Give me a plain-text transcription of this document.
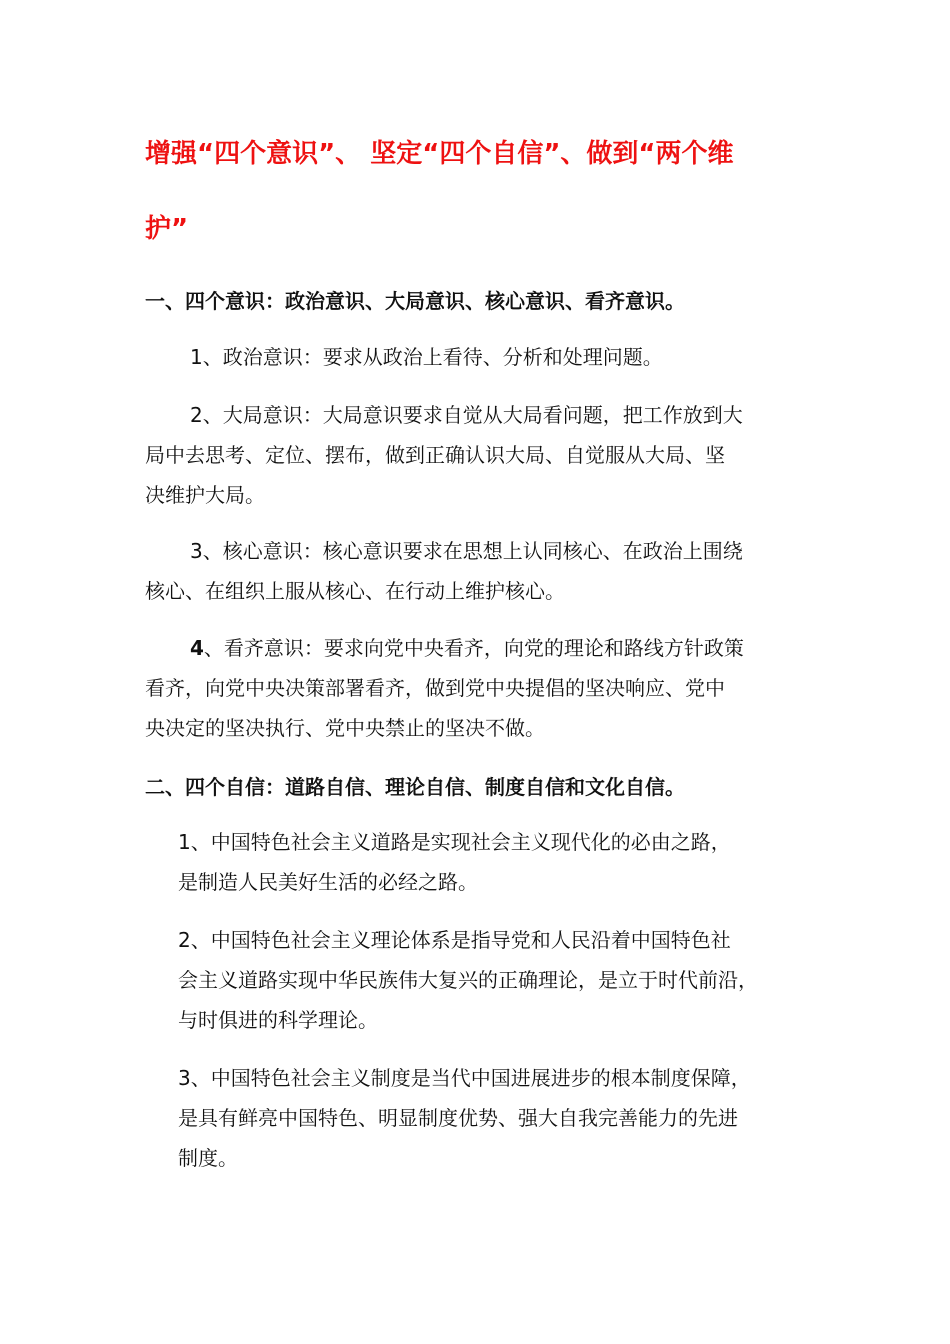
增强“四个意识”、 坚定“四个自信”、做到“两个维
护”
一、四个意识：政治意识、大局意识、核心意识、看齐意识。

1、政治意识：要求从政治上看待、分析和处理问题。

2、大局意识：大局意识要求自觉从大局看问题，把工作放到大
局中去思考、定位、摆布，做到正确认识大局、自觉服从大局、坚
决维护大局。

3、核心意识：核心意识要求在思想上认同核心、在政治上围绕
核心、在组织上服从核心、在行动上维护核心。

4、看齐意识：要求向党中央看齐，向党的理论和路线方针政策
看齐，向党中央决策部署看齐，做到党中央提倡的坚决响应、党中
央决定的坚决执行、党中央禁止的坚决不做。

二、四个自信：道路自信、理论自信、制度自信和文化自信。

1、中国特色社会主义道路是实现社会主义现代化的必由之路，
是制造人民美好生活的必经之路。

2、中国特色社会主义理论体系是指导党和人民沿着中国特色社
会主义道路实现中华民族伟大复兴的正确理论，是立于时代前沿，
与时俱进的科学理论。

3、中国特色社会主义制度是当代中国进展进步的根本制度保障，
是具有鲜亮中国特色、明显制度优势、强大自我完善能力的先进
制度。
